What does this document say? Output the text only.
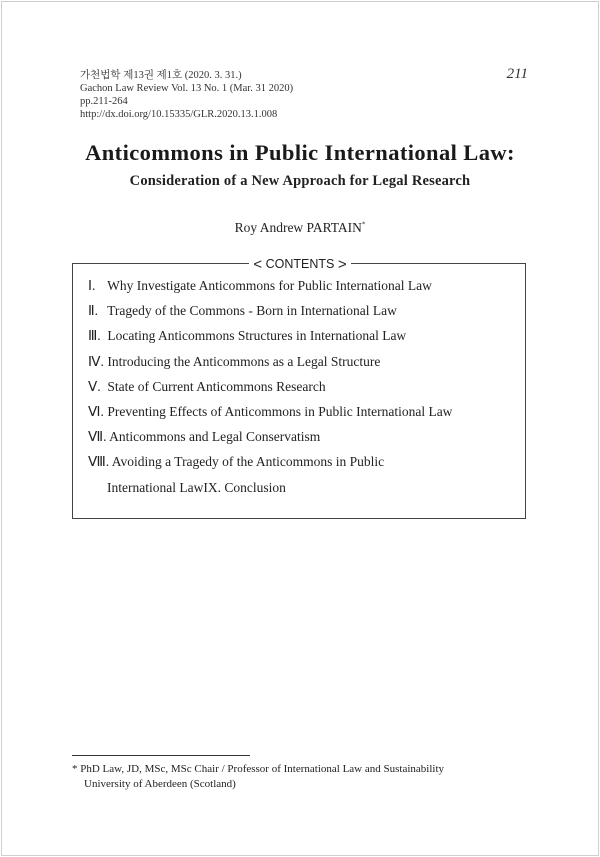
가천법학 제13권 제1호 (2020. 3. 31.)
Gachon Law Review Vol. 13 No. 1 (Mar. 31 2020)
pp.211-264
http://dx.doi.org/10.15335/GLR.2020.13.1.008
211
Anticommons in Public International Law:
Consideration of a New Approach for Legal Research
Roy Andrew PARTAIN*
< CONTENTS >
Ⅰ. Why Investigate Anticommons for Public International Law
Ⅱ. Tragedy of the Commons - Born in International Law
Ⅲ. Locating Anticommons Structures in International Law
Ⅳ. Introducing the Anticommons as a Legal Structure
Ⅴ. State of Current Anticommons Research
Ⅵ. Preventing Effects of Anticommons in Public International Law
Ⅶ. Anticommons and Legal Conservatism
Ⅷ. Avoiding a Tragedy of the Anticommons in Public
International LawIX. Conclusion
* PhD Law, JD, MSc, MSc Chair / Professor of International Law and Sustainability
University of Aberdeen (Scotland)
